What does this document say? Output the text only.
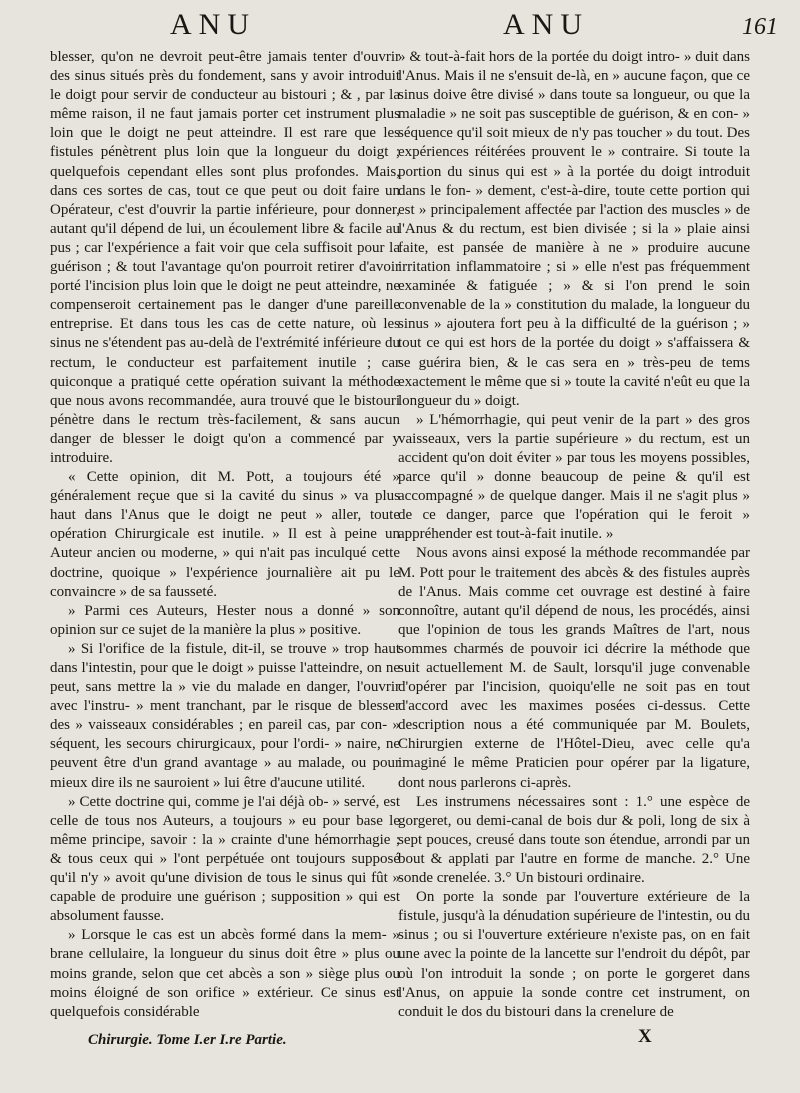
ANU	ANU	161

blesser, qu'on ne devroit peut-être jamais tenter d'ouvrir des sinus situés près du fondement, sans y avoir introduit le doigt pour servir de conducteur au bistouri ; & , par la même raison, il ne faut jamais porter cet instrument plus loin que le doigt ne peut atteindre. Il est rare que les fistules pénètrent plus loin que la longueur du doigt ; quelquefois cependant elles sont plus profondes. Mais, dans ces sortes de cas, tout ce que peut ou doit faire un Opérateur, c'est d'ouvrir la partie inférieure, pour donner, autant qu'il dépend de lui, un écoulement libre & facile au pus ; car l'expérience a fait voir que cela suffisoit pour la guérison ; & tout l'avantage qu'on pourroit retirer d'avoir porté l'incision plus loin que le doigt ne peut atteindre, ne compenseroit certainement pas le danger d'une pareille entreprise. Et dans tous les cas de cette nature, où les sinus ne s'étendent pas au-delà de l'extrémité inférieure du rectum, le conducteur est parfaitement inutile ; car quiconque a pratiqué cette opération suivant la méthode que nous avons recommandée, aura trouvé que le bistouri pénètre dans le rectum très-facilement, & sans aucun danger de blesser le doigt qu'on a commencé par y introduire.

« Cette opinion, dit M. Pott, a toujours été » généralement reçue que si la cavité du sinus » va plus haut dans l'Anus que le doigt ne peut » aller, toute opération Chirurgicale est inutile. » Il est à peine un Auteur ancien ou moderne, » qui n'ait pas inculqué cette doctrine, quoique » l'expérience journalière ait pu le convaincre » de sa fausseté.

» Parmi ces Auteurs, Hester nous a donné » son opinion sur ce sujet de la manière la plus » positive.

» Si l'orifice de la fistule, dit-il, se trouve » trop haut dans l'intestin, pour que le doigt » puisse l'atteindre, on ne peut, sans mettre la » vie du malade en danger, l'ouvrir avec l'instru- » ment tranchant, par le risque de blesser des » vaisseaux considérables ; en pareil cas, par con- » séquent, les secours chirurgicaux, pour l'ordi- » naire, ne peuvent être d'un grand avantage » au malade, ou pour mieux dire ils ne sauroient » lui être d'aucune utilité.

» Cette doctrine qui, comme je l'ai déjà ob- » servé, est celle de tous nos Auteurs, a toujours » eu pour base le même principe, savoir : la » crainte d'une hémorrhagie ; & tous ceux qui » l'ont perpétuée ont toujours supposé qu'il n'y » avoit qu'une division de tous le sinus qui fût » capable de produire une guérison ; supposition » qui est absolument fausse.

» Lorsque le cas est un abcès formé dans la mem- » brane cellulaire, la longueur du sinus doit être » plus ou moins grande, selon que cet abcès a son » siège plus ou moins éloigné de son orifice » extérieur. Ce sinus est quelquefois considérable

» & tout-à-fait hors de la portée du doigt intro- » duit dans l'Anus. Mais il ne s'ensuit de-là, en » aucune façon, que ce sinus doive être divisé » dans toute sa longueur, ou que la maladie » ne soit pas susceptible de guérison, & en con- » séquence qu'il soit mieux de n'y pas toucher » du tout. Des expériences réitérées prouvent le » contraire. Si toute la portion du sinus qui est » à la portée du doigt introduit dans le fon- » dement, c'est-à-dire, toute cette portion qui est » principalement affectée par l'action des muscles » de l'Anus & du rectum, est bien divisée ; si la » plaie ainsi faite, est pansée de manière à ne » produire aucune irritation inflammatoire ; si » elle n'est pas fréquemment examinée & fatiguée ; » & si l'on prend le soin convenable de la » constitution du malade, la longueur du sinus » ajoutera fort peu à la difficulté de la guérison ; » tout ce qui est hors de la portée du doigt » s'affaissera & se guérira bien, & le cas sera en » très-peu de tems exactement le même que si » toute la cavité n'eût eu que la longueur du » doigt.

» L'hémorrhagie, qui peut venir de la part » des gros vaisseaux, vers la partie supérieure » du rectum, est un accident qu'on doit éviter » par tous les moyens possibles, parce qu'il » donne beaucoup de peine & qu'il est accompagné » de quelque danger. Mais il ne s'agit plus » de ce danger, parce que l'opération qui le feroit » appréhender est tout-à-fait inutile. »

Nous avons ainsi exposé la méthode recommandée par M. Pott pour le traitement des abcès & des fistules auprès de l'Anus. Mais comme cet ouvrage est destiné à faire connoître, autant qu'il dépend de nous, les procédés, ainsi que l'opinion de tous les grands Maîtres de l'art, nous sommes charmés de pouvoir ici décrire la méthode que suit actuellement M. de Sault, lorsqu'il juge convenable d'opérer par l'incision, quoiqu'elle ne soit pas en tout d'accord avec les maximes posées ci-dessus. Cette description nous a été communiquée par M. Boulets, Chirurgien externe de l'Hôtel-Dieu, avec celle qu'a imaginé le même Praticien pour opérer par la ligature, dont nous parlerons ci-après.

Les instrumens nécessaires sont : 1.° une espèce de gorgeret, ou demi-canal de bois dur & poli, long de six à sept pouces, creusé dans toute son étendue, arrondi par un bout & applati par l'autre en forme de manche. 2.° Une sonde crenelée. 3.° Un bistouri ordinaire.

On porte la sonde par l'ouverture extérieure de la fistule, jusqu'à la dénudation supérieure de l'intestin, ou du sinus ; ou si l'ouverture extérieure n'existe pas, on en fait une avec la pointe de la lancette sur l'endroit du dépôt, par où l'on introduit la sonde ; on porte le gorgeret dans l'Anus, on appuie la sonde contre cet instrument, on conduit le dos du bistouri dans la crenelure de

Chirurgie. Tome I.er I.re Partie.	X
